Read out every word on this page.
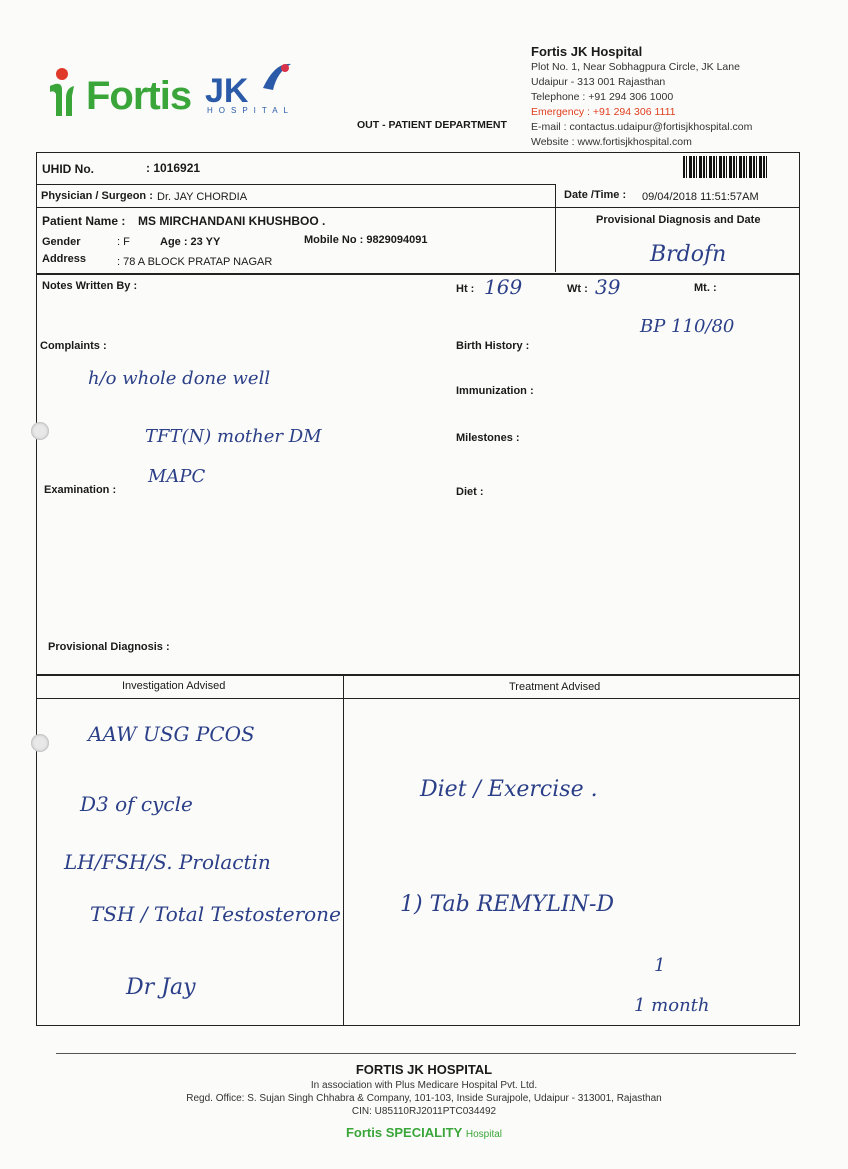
Fortis JK
HOSPITAL
Fortis JK Hospital
Plot No. 1, Near Sobhagpura Circle, JK Lane
Udaipur - 313 001 Rajasthan
Telephone : +91 294 306 1000
Emergency : +91 294 306 1111
E-mail : contactus.udaipur@fortisjkhospital.com
Website : www.fortisjkhospital.com
OUT - PATIENT DEPARTMENT
UHID No.	: 1016921
Physician / Surgeon : Dr. JAY CHORDIA	Date /Time : 09/04/2018 11:51:57AM
Patient Name : MS MIRCHANDANI KHUSHBOO .
Gender	: F	Age : 23 YY	Mobile No : 9829094091
Address	: 78 A BLOCK PRATAP NAGAR
Provisional Diagnosis and Date
Brdofn
Notes Written By :	Ht : 169	Wt : 39	Mt. :
BP 110/80
Complaints :	Birth History :
Immunization :
Milestones :
Examination :	Diet :
Provisional Diagnosis :
h/o whole done well
TFT(N) mother DM
MAPC
Investigation Advised	Treatment Advised
AAW USG PCOS
D3 of cycle
LH/FSH/S. Prolactin
TSH / Total Testosterone
Dr Jay
Diet / Exercise .
1) Tab REMYLIN-D
1
1 month
FORTIS JK HOSPITAL
In association with Plus Medicare Hospital Pvt. Ltd.
Regd. Office: S. Sujan Singh Chhabra & Company, 101-103, Inside Surajpole, Udaipur - 313001, Rajasthan
CIN: U85110RJ2011PTC034492
Fortis SPECIALITY Hospital
